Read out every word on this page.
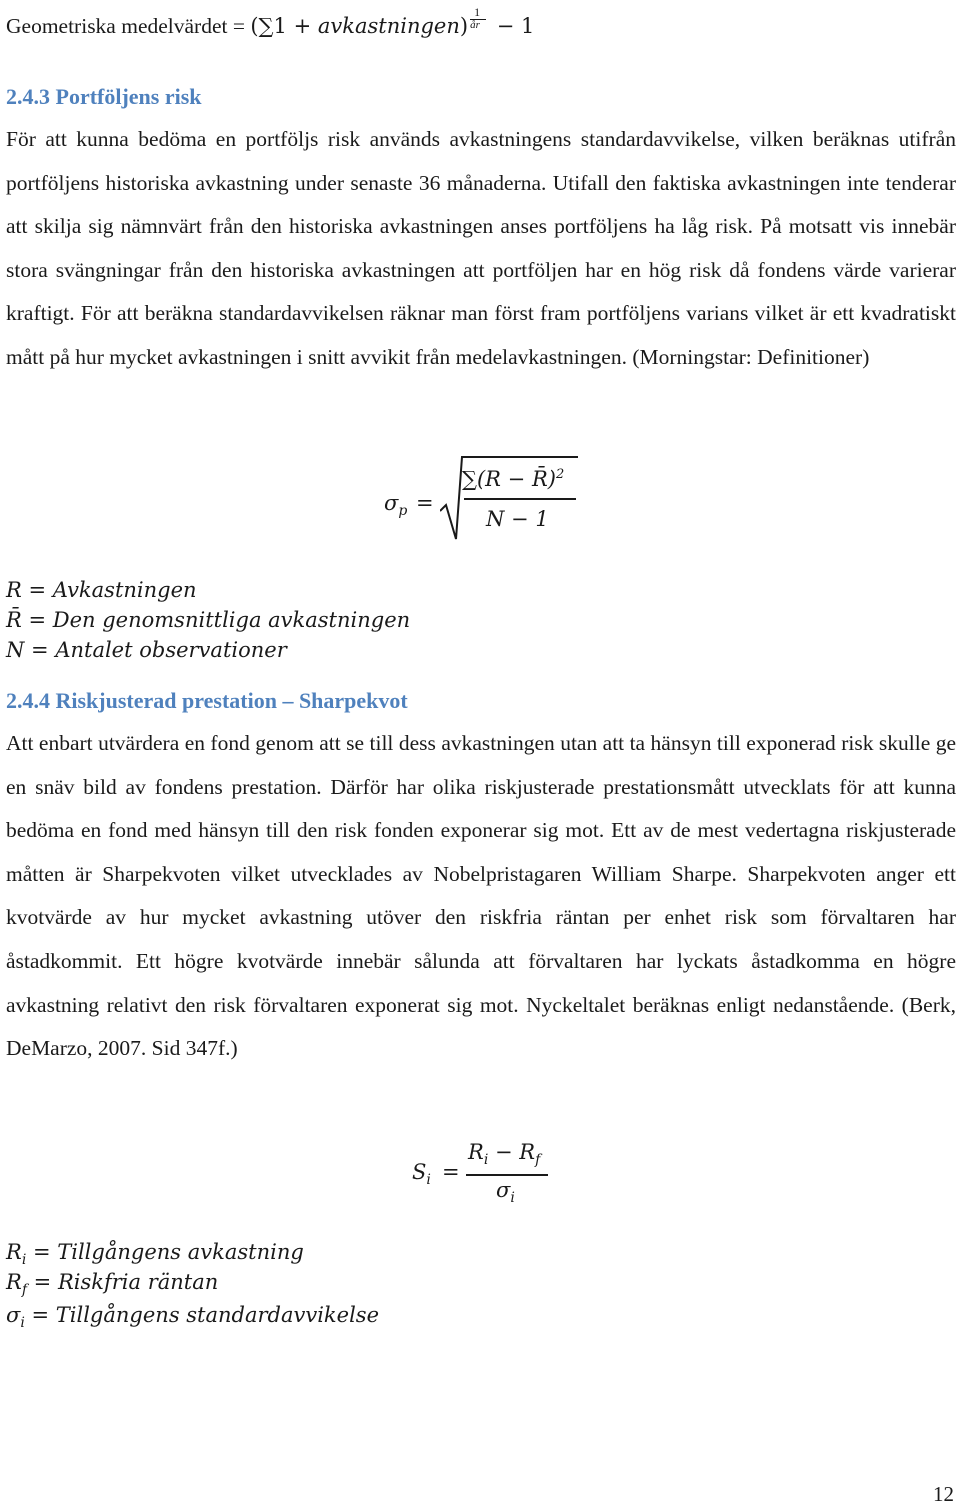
Geometriska medelvärdet = (∑1 + avkastningen) $\frac{1}{år} - 1$
2.4.3 Portföljens risk
För att kunna bedöma en portföljs risk används avkastningens standardavvikelse, vilken beräknas utifrån portföljens historiska avkastning under senaste 36 månaderna. Utifall den faktiska avkastningen inte tenderar att skilja sig nämnvärt från den historiska avkastningen anses portföljens ha låg risk. På motsatt vis innebär stora svängningar från den historiska avkastningen att portföljen har en hög risk då fondens värde varierar kraftigt. För att beräkna standardavvikelsen räknar man först fram portföljens varians vilket är ett kvadratiskt mått på hur mycket avkastningen i snitt avvikit från medelavkastningen. (Morningstar: Definitioner)
$\sigma_p$ =
∑(R − R̄)$^2$
N − 1
R = Avkastningen
R̄ = Den genomsnittliga avkastningen
N = Antalet observationer
2.4.4 Riskjusterad prestation – Sharpekvot
Att enbart utvärdera en fond genom att se till dess avkastningen utan att ta hänsyn till exponerad risk skulle ge en snäv bild av fondens prestation. Därför har olika riskjusterade prestationsmått utvecklats för att kunna bedöma en fond med hänsyn till den risk fonden exponerar sig mot. Ett av de mest vedertagna riskjusterade måtten är Sharpekvoten vilket utvecklades av Nobelpristagaren William Sharpe. Sharpekvoten anger ett kvotvärde av hur mycket avkastning utöver den riskfria räntan per enhet risk som förvaltaren har åstadkommit. Ett högre kvotvärde innebär sålunda att förvaltaren har lyckats åstadkomma en högre avkastning relativt den risk förvaltaren exponerat sig mot. Nyckeltalet beräknas enligt nedanstående. (Berk, DeMarzo, 2007. Sid 347f.)
$S_i$ =
$R_i - R_f$
$\sigma_i$
$R_i$ = Tillgångens avkastning
$R_f$ = Riskfria räntan
$\sigma_i$ = Tillgångens standardavvikelse
12
